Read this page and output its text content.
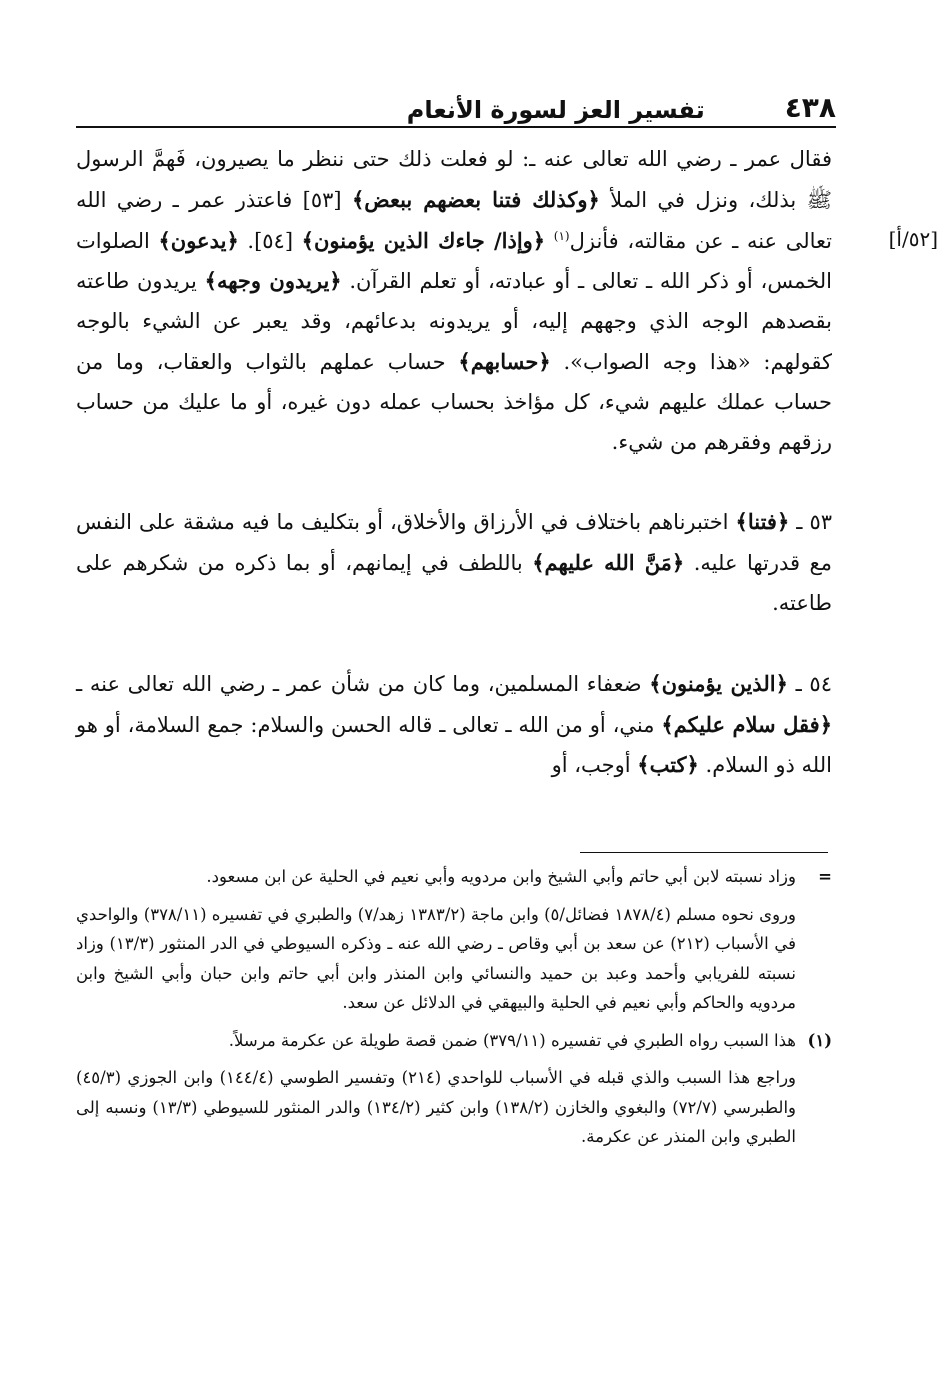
٤٣٨
تفسير العز لسورة الأنعام
[٥٢/أ]

فقال عمر ـ رضي الله تعالى عنه ـ: لو فعلت ذلك حتى ننظر ما يصيرون، فَهمَّ الرسول ﷺ بذلك، ونزل في الملأ ﴿وكذلك فتنا بعضهم ببعض﴾ [٥٣] فاعتذر عمر ـ رضي الله تعالى عنه ـ عن مقالته، فأنزل$^{(١)}$ ﴿وإذا/ جاءك الذين يؤمنون﴾ [٥٤]. ﴿يدعون﴾ الصلوات الخمس، أو ذكر الله ـ تعالى ـ أو عبادته، أو تعلم القرآن. ﴿يريدون وجهه﴾ يريدون طاعته بقصدهم الوجه الذي وجههم إليه، أو يريدونه بدعائهم، وقد يعبر عن الشيء بالوجه كقولهم: «هذا وجه الصواب». ﴿حسابهم﴾ حساب عملهم بالثواب والعقاب، وما من حساب عملك عليهم شيء، كل مؤاخذ بحساب عمله دون غيره، أو ما عليك من حساب رزقهم وفقرهم من شيء.

٥٣ ـ ﴿فتنا﴾ اختبرناهم باختلاف في الأرزاق والأخلاق، أو بتكليف ما فيه مشقة على النفس مع قدرتها عليه. ﴿مَنَّ الله عليهم﴾ باللطف في إيمانهم، أو بما ذكره من شكرهم على طاعته.

٥٤ ـ ﴿الذين يؤمنون﴾ ضعفاء المسلمين، وما كان من شأن عمر ـ رضي الله تعالى عنه ـ ﴿فقل سلام عليكم﴾ مني، أو من الله ـ تعالى ـ قاله الحسن والسلام: جمع السلامة، أو هو الله ذو السلام. ﴿كتب﴾ أوجب، أو

=
وزاد نسبته لابن أبي حاتم وأبي الشيخ وابن مردويه وأبي نعيم في الحلية عن ابن مسعود.
وروى نحوه مسلم (١٨٧٨/٤ فضائل/٥) وابن ماجة (١٣٨٣/٢ زهد/٧) والطبري في تفسيره (٣٧٨/١١) والواحدي في الأسباب (٢١٢) عن سعد بن أبي وقاص ـ رضي الله عنه ـ وذكره السيوطي في الدر المنثور (١٣/٣) وزاد نسبته للفريابي وأحمد وعبد بن حميد والنسائي وابن المنذر وابن أبي حاتم وابن حبان وأبي الشيخ وابن مردويه والحاكم وأبي نعيم في الحلية والبيهقي في الدلائل عن سعد.
(١)
هذا السبب رواه الطبري في تفسيره (٣٧٩/١١) ضمن قصة طويلة عن عكرمة مرسلاً.
وراجع هذا السبب والذي قبله في الأسباب للواحدي (٢١٤) وتفسير الطوسي (١٤٤/٤) وابن الجوزي (٤٥/٣) والطبرسي (٧٢/٧) والبغوي والخازن (١٣٨/٢) وابن كثير (١٣٤/٢) والدر المنثور للسيوطي (١٣/٣) ونسبه إلى الطبري وابن المنذر عن عكرمة.
